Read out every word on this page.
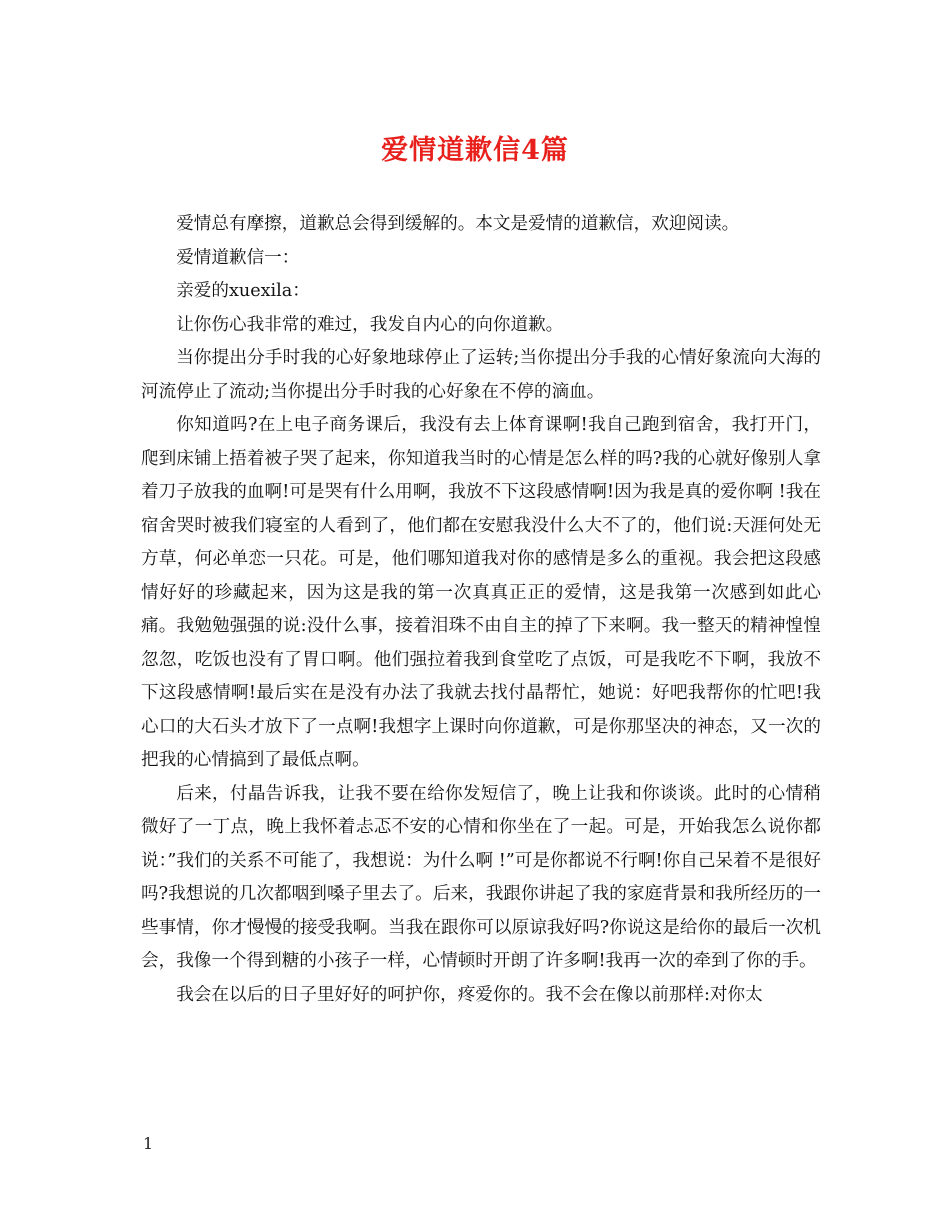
爱情道歉信4篇

爱情总有摩擦，道歉总会得到缓解的。本文是爱情的道歉信，欢迎阅读。

爱情道歉信一：

亲爱的xuexila：

让你伤心我非常的难过，我发自内心的向你道歉。

当你提出分手时我的心好象地球停止了运转;当你提出分手我的心情好象流向大海的河流停止了流动;当你提出分手时我的心好象在不停的滴血。

你知道吗?在上电子商务课后，我没有去上体育课啊!我自己跑到宿舍，我打开门，爬到床铺上捂着被子哭了起来，你知道我当时的心情是怎么样的吗?我的心就好像别人拿着刀子放我的血啊!可是哭有什么用啊，我放不下这段感情啊!因为我是真的爱你啊 !我在宿舍哭时被我们寝室的人看到了，他们都在安慰我没什么大不了的，他们说:天涯何处无方草，何必单恋一只花。可是，他们哪知道我对你的感情是多么的重视。我会把这段感情好好的珍藏起来，因为这是我的第一次真真正正的爱情，这是我第一次感到如此心痛。我勉勉强强的说:没什么事，接着泪珠不由自主的掉了下来啊。我一整天的精神惶惶忽忽，吃饭也没有了胃口啊。他们强拉着我到食堂吃了点饭，可是我吃不下啊，我放不下这段感情啊!最后实在是没有办法了我就去找付晶帮忙，她说：好吧我帮你的忙吧!我心口的大石头才放下了一点啊!我想字上课时向你道歉，可是你那坚决的神态，又一次的把我的心情搞到了最低点啊。

后来，付晶告诉我，让我不要在给你发短信了，晚上让我和你谈谈。此时的心情稍微好了一丁点，晚上我怀着忐忑不安的心情和你坐在了一起。可是，开始我怎么说你都说：”我们的关系不可能了，我想说：为什么啊 !”可是你都说不行啊!你自己呆着不是很好吗?我想说的几次都咽到嗓子里去了。后来，我跟你讲起了我的家庭背景和我所经历的一些事情，你才慢慢的接受我啊。当我在跟你可以原谅我好吗?你说这是给你的最后一次机会，我像一个得到糖的小孩子一样，心情顿时开朗了许多啊!我再一次的牵到了你的手。

我会在以后的日子里好好的呵护你，疼爱你的。我不会在像以前那样:对你太

1
